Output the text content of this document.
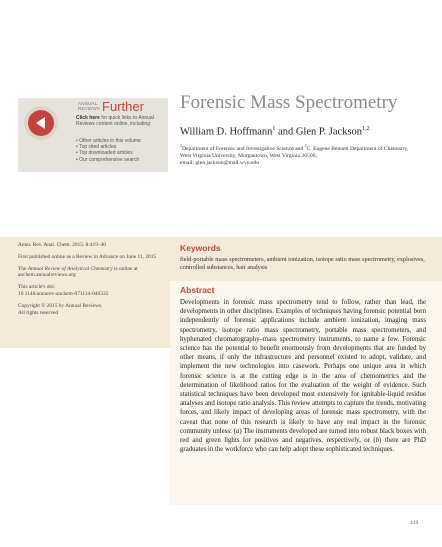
ANNUAL
REVIEWS Further
Click here for quick links to Annual Reviews content online, including:
• Other articles in this volume
• Top cited articles
• Top downloaded articles
• Our comprehensive search
Forensic Mass Spectrometry
William D. Hoffmann$^1$ and Glen P. Jackson$^{1,2}$
$^1$Department of Forensic and Investigative Science and $^2$C. Eugene Bennett Department of Chemistry, West Virginia University, Morgantown, West Virginia 26506;
email: glen.jackson@mail.wvu.edu

Annu. Rev. Anal. Chem. 2015. 8:419–40

First published online as a Review in Advance on June 11, 2015

The Annual Review of Analytical Chemistry is online at anchem.annualreviews.org

This article's doi:
10.1146/annurev-anchem-071114-040335

Copyright © 2015 by Annual Reviews.
All rights reserved

Keywords
field-portable mass spectrometers, ambient ionization, isotope ratio mass spectrometry, explosives, controlled substances, hair analysis
Abstract
Developments in forensic mass spectrometry tend to follow, rather than lead, the developments in other disciplines. Examples of techniques having forensic potential born independently of forensic applications include ambient ionization, imaging mass spectrometry, isotope ratio mass spectrometry, portable mass spectrometers, and hyphenated chromatography–mass spectrometry instruments, to name a few. Forensic science has the potential to benefit enormously from developments that are funded by other means, if only the infrastructure and personnel existed to adopt, validate, and implement the new technologies into casework. Perhaps one unique area in which forensic science is at the cutting edge is in the area of chemometrics and the determination of likelihood ratios for the evaluation of the weight of evidence. Such statistical techniques have been developed most extensively for ignitable-liquid residue analyses and isotope ratio analysis. This review attempts to capture the trends, motivating forces, and likely impact of developing areas of forensic mass spectrometry, with the caveat that none of this research is likely to have any real impact in the forensic community unless: (a) The instruments developed are turned into robust black boxes with red and green lights for positives and negatives, respectively, or (b) there are PhD graduates in the workforce who can help adopt these sophisticated techniques.
419
